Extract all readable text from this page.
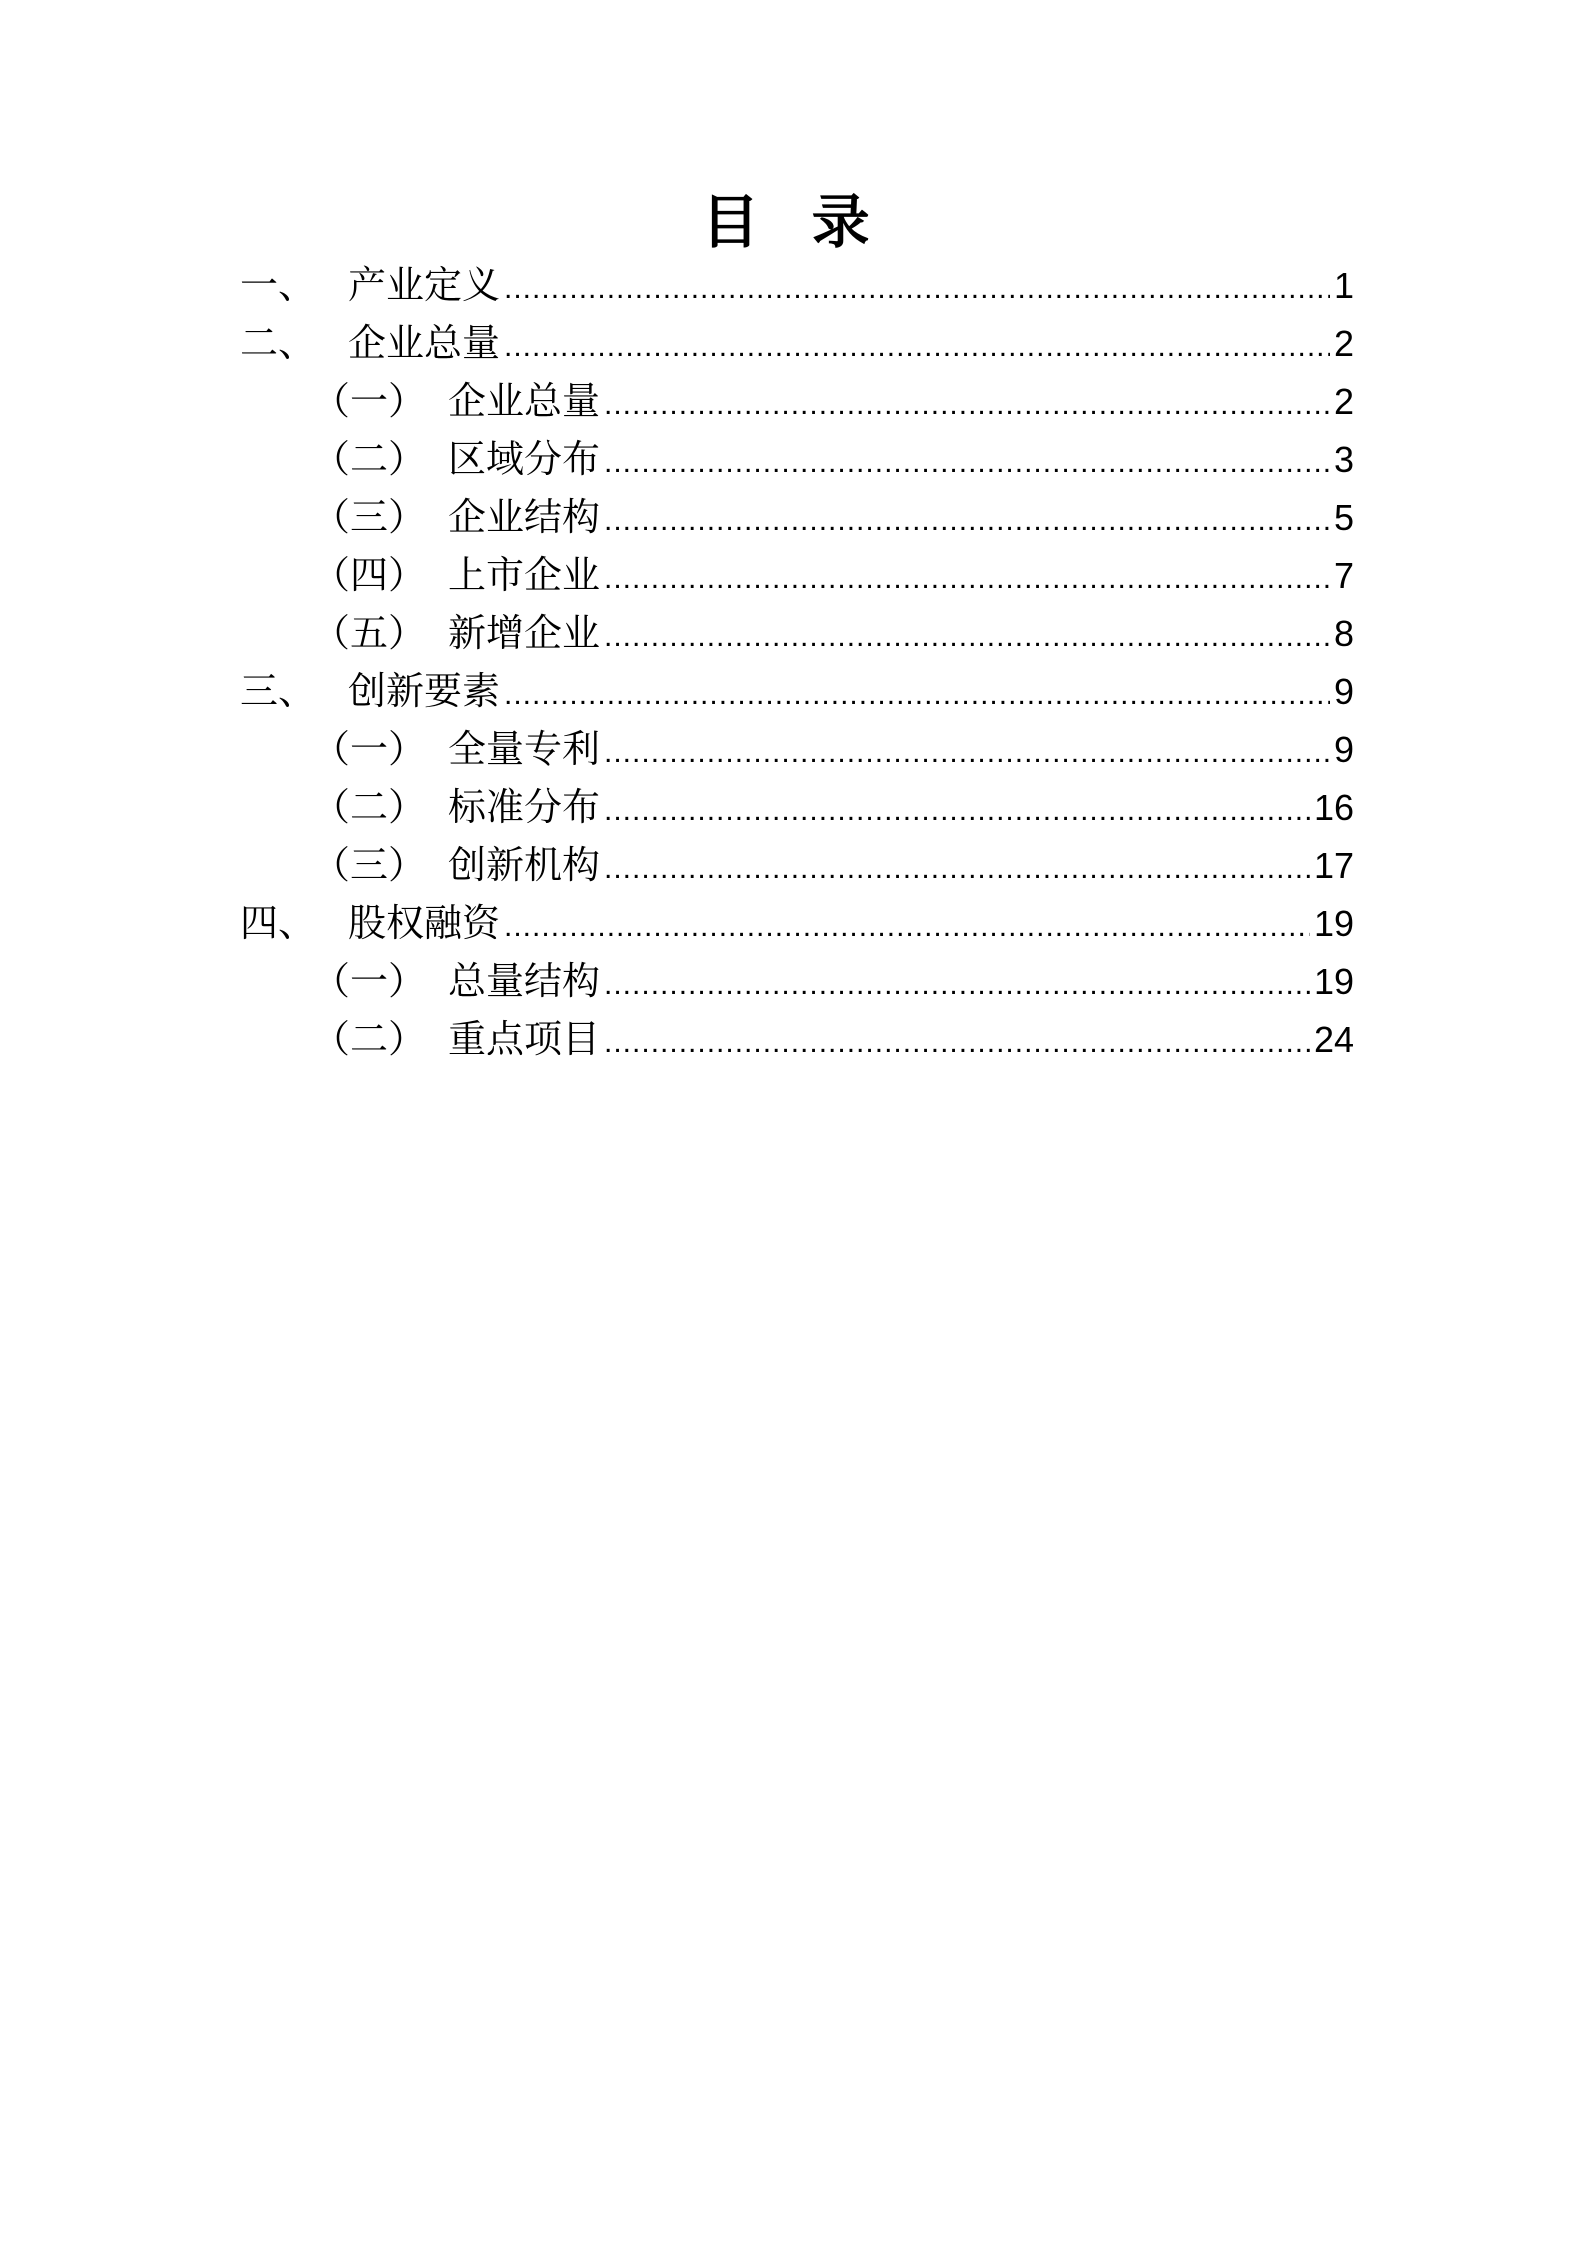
目 录
一、 产业定义 .....	1
二、 企业总量 .....	2
（一） 企业总量 .....	2
（二） 区域分布 .....	3
（三） 企业结构 .....	5
（四） 上市企业 .....	7
（五） 新增企业 .....	8
三、 创新要素 .....	9
（一） 全量专利 .....	9
（二） 标准分布 .....	16
（三） 创新机构 .....	17
四、 股权融资 .....	19
（一） 总量结构 .....	19
（二） 重点项目 .....	24
